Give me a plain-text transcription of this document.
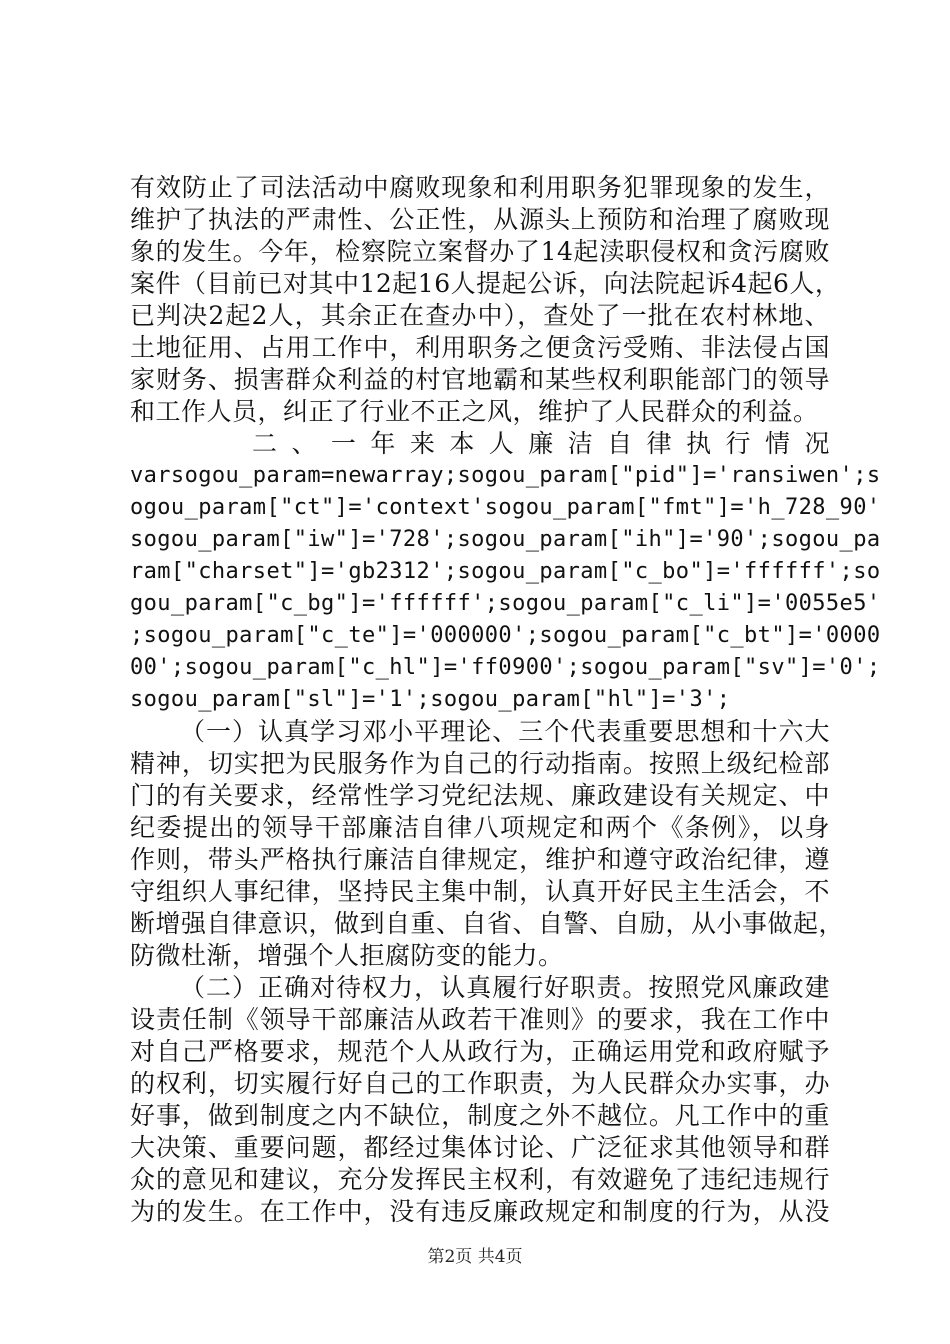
有效防止了司法活动中腐败现象和利用职务犯罪现象的发生，
维护了执法的严肃性、公正性，从源头上预防和治理了腐败现
象的发生。今年，检察院立案督办了14起渎职侵权和贪污腐败
案件（目前已对其中12起16人提起公诉，向法院起诉4起6人，
已判决2起2人，其余正在查办中），查处了一批在农村林地、
土地征用、占用工作中，利用职务之便贪污受贿、非法侵占国
家财务、损害群众利益的村官地霸和某些权利职能部门的领导
和工作人员，纠正了行业不正之风，维护了人民群众的利益。
二、一年来本人廉洁自律执行情况
varsogou_param=newarray;sogou_param["pid"]='ransiwen';s
ogou_param["ct"]='context'sogou_param["fmt"]='h_728_90'
sogou_param["iw"]='728';sogou_param["ih"]='90';sogou_pa
ram["charset"]='gb2312';sogou_param["c_bo"]='ffffff';so
gou_param["c_bg"]='ffffff';sogou_param["c_li"]='0055e5'
;sogou_param["c_te"]='000000';sogou_param["c_bt"]='0000
00';sogou_param["c_hl"]='ff0900';sogou_param["sv"]='0';
sogou_param["sl"]='1';sogou_param["hl"]='3';
（一）认真学习邓小平理论、三个代表重要思想和十六大
精神，切实把为民服务作为自己的行动指南。按照上级纪检部
门的有关要求，经常性学习党纪法规、廉政建设有关规定、中
纪委提出的领导干部廉洁自律八项规定和两个《条例》，以身
作则，带头严格执行廉洁自律规定，维护和遵守政治纪律，遵
守组织人事纪律，坚持民主集中制，认真开好民主生活会，不
断增强自律意识，做到自重、自省、自警、自励，从小事做起，
防微杜渐，增强个人拒腐防变的能力。
（二）正确对待权力，认真履行好职责。按照党风廉政建
设责任制《领导干部廉洁从政若干准则》的要求，我在工作中
对自己严格要求，规范个人从政行为，正确运用党和政府赋予
的权利，切实履行好自己的工作职责，为人民群众办实事，办
好事，做到制度之内不缺位，制度之外不越位。凡工作中的重
大决策、重要问题，都经过集体讨论、广泛征求其他领导和群
众的意见和建议，充分发挥民主权利，有效避免了违纪违规行
为的发生。在工作中，没有违反廉政规定和制度的行为，从没
第2页 共4页
